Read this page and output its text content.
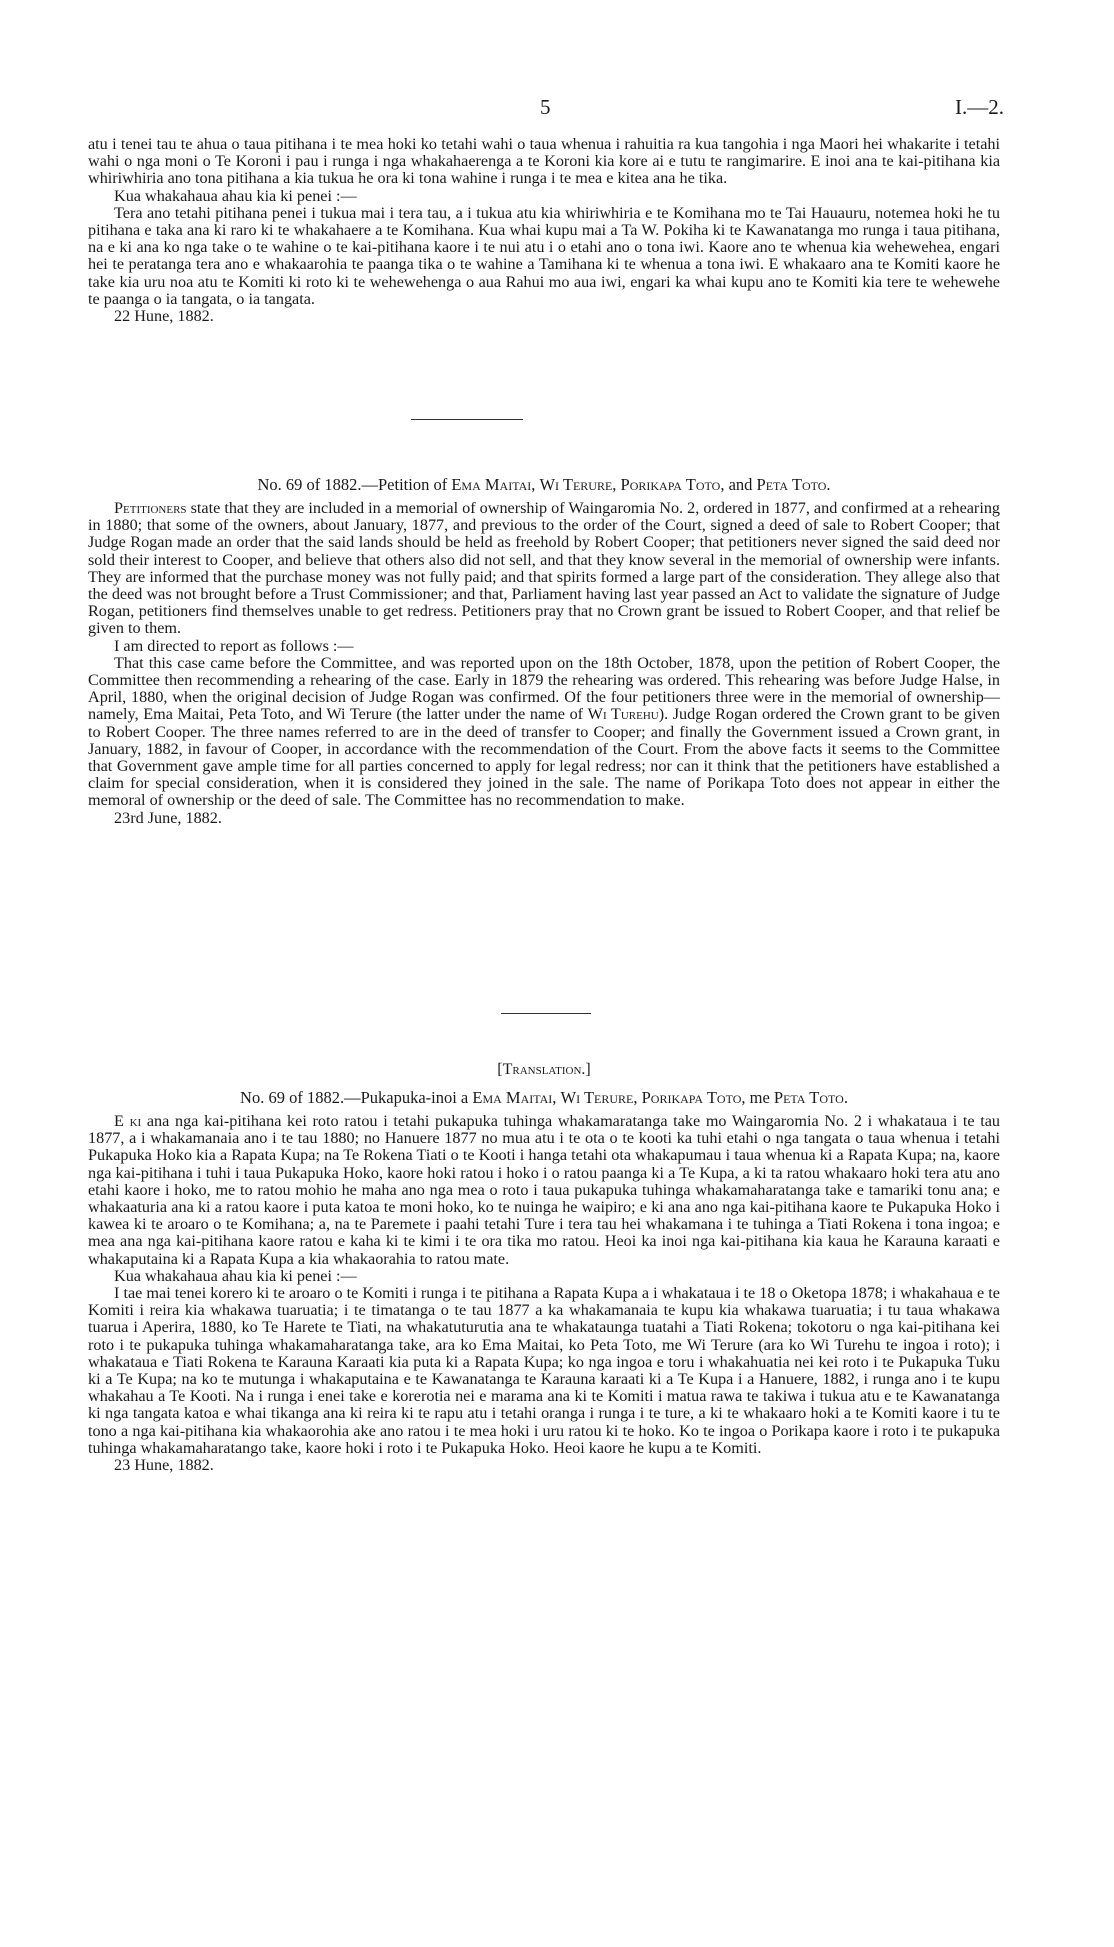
5	I.—2.

atu i tenei tau te ahua o taua pitihana i te mea hoki ko tetahi wahi o taua whenua i rahuitia ra kua tangohia i nga Maori hei whakarite i tetahi wahi o nga moni o Te Koroni i pau i runga i nga whakahaerenga a te Koroni kia kore ai e tutu te rangimarire. E inoi ana te kai-pitihana kia whiriwhiria ano tona pitihana a kia tukua he ora ki tona wahine i runga i te mea e kitea ana he tika.

Kua whakahaua ahau kia ki penei :—

Tera ano tetahi pitihana penei i tukua mai i tera tau, a i tukua atu kia whiriwhiria e te Komihana mo te Tai Hauauru, notemea hoki he tu pitihana e taka ana ki raro ki te whakahaere a te Komihana. Kua whai kupu mai a Ta W. Pokiha ki te Kawanatanga mo runga i taua pitihana, na e ki ana ko nga take o te wahine o te kai-pitihana kaore i te nui atu i o etahi ano o tona iwi. Kaore ano te whenua kia wehewehea, engari hei te peratanga tera ano e whakaarohia te paanga tika o te wahine a Tamihana ki te whenua a tona iwi. E whakaaro ana te Komiti kaore he take kia uru noa atu te Komiti ki roto ki te wehewehenga o aua Rahui mo aua iwi, engari ka whai kupu ano te Komiti kia tere te wehewehe te paanga o ia tangata, o ia tangata.

22 Hune, 1882.

No. 69 of 1882.—Petition of Ema Maitai, Wi Terure, Porikapa Toto, and Peta Toto.

Petitioners state that they are included in a memorial of ownership of Waingaromia No. 2, ordered in 1877, and confirmed at a rehearing in 1880; that some of the owners, about January, 1877, and previous to the order of the Court, signed a deed of sale to Robert Cooper; that Judge Rogan made an order that the said lands should be held as freehold by Robert Cooper; that petitioners never signed the said deed nor sold their interest to Cooper, and believe that others also did not sell, and that they know several in the memorial of ownership were infants. They are informed that the purchase money was not fully paid; and that spirits formed a large part of the consideration. They allege also that the deed was not brought before a Trust Commissioner; and that, Parliament having last year passed an Act to validate the signature of Judge Rogan, petitioners find themselves unable to get redress. Petitioners pray that no Crown grant be issued to Robert Cooper, and that relief be given to them.

I am directed to report as follows :—

That this case came before the Committee, and was reported upon on the 18th October, 1878, upon the petition of Robert Cooper, the Committee then recommending a rehearing of the case. Early in 1879 the rehearing was ordered. This rehearing was before Judge Halse, in April, 1880, when the original decision of Judge Rogan was confirmed. Of the four petitioners three were in the memorial of ownership—namely, Ema Maitai, Peta Toto, and Wi Terure (the latter under the name of Wi Turehu). Judge Rogan ordered the Crown grant to be given to Robert Cooper. The three names referred to are in the deed of transfer to Cooper; and finally the Government issued a Crown grant, in January, 1882, in favour of Cooper, in accordance with the recommendation of the Court. From the above facts it seems to the Committee that Government gave ample time for all parties concerned to apply for legal redress; nor can it think that the petitioners have established a claim for special consideration, when it is considered they joined in the sale. The name of Porikapa Toto does not appear in either the memoral of ownership or the deed of sale. The Committee has no recommendation to make.

23rd June, 1882.

[Translation.]
No. 69 of 1882.—Pukapuka-inoi a Ema Maitai, Wi Terure, Porikapa Toto, me Peta Toto.

E ki ana nga kai-pitihana kei roto ratou i tetahi pukapuka tuhinga whakamaratanga take mo Waingaromia No. 2 i whakataua i te tau 1877, a i whakamanaia ano i te tau 1880; no Hanuere 1877 no mua atu i te ota o te kooti ka tuhi etahi o nga tangata o taua whenua i tetahi Pukapuka Hoko kia a Rapata Kupa; na Te Rokena Tiati o te Kooti i hanga tetahi ota whakapumau i taua whenua ki a Rapata Kupa; na, kaore nga kai-pitihana i tuhi i taua Pukapuka Hoko, kaore hoki ratou i hoko i o ratou paanga ki a Te Kupa, a ki ta ratou whakaaro hoki tera atu ano etahi kaore i hoko, me to ratou mohio he maha ano nga mea o roto i taua pukapuka tuhinga whakamaharatanga take e tamariki tonu ana; e whakaaturia ana ki a ratou kaore i puta katoa te moni hoko, ko te nuinga he waipiro; e ki ana ano nga kai-pitihana kaore te Pukapuka Hoko i kawea ki te aroaro o te Komihana; a, na te Paremete i paahi tetahi Ture i tera tau hei whakamana i te tuhinga a Tiati Rokena i tona ingoa; e mea ana nga kai-pitihana kaore ratou e kaha ki te kimi i te ora tika mo ratou. Heoi ka inoi nga kai-pitihana kia kaua he Karauna karaati e whakaputaina ki a Rapata Kupa a kia whakaorahia to ratou mate.

Kua whakahaua ahau kia ki penei :—

I tae mai tenei korero ki te aroaro o te Komiti i runga i te pitihana a Rapata Kupa a i whakataua i te 18 o Oketopa 1878; i whakahaua e te Komiti i reira kia whakawa tuaruatia; i te timatanga o te tau 1877 a ka whakamanaia te kupu kia whakawa tuaruatia; i tu taua whakawa tuarua i Aperira, 1880, ko Te Harete te Tiati, na whakatuturutia ana te whakataunga tuatahi a Tiati Rokena; tokotoru o nga kai-pitihana kei roto i te pukapuka tuhinga whakamaharatanga take, ara ko Ema Maitai, ko Peta Toto, me Wi Terure (ara ko Wi Turehu te ingoa i roto); i whakataua e Tiati Rokena te Karauna Karaati kia puta ki a Rapata Kupa; ko nga ingoa e toru i whakahuatia nei kei roto i te Pukapuka Tuku ki a Te Kupa; na ko te mutunga i whakaputaina e te Kawanatanga te Karauna karaati ki a Te Kupa i a Hanuere, 1882, i runga ano i te kupu whakahau a Te Kooti. Na i runga i enei take e korerotia nei e marama ana ki te Komiti i matua rawa te takiwa i tukua atu e te Kawanatanga ki nga tangata katoa e whai tikanga ana ki reira ki te rapu atu i tetahi oranga i runga i te ture, a ki te whakaaro hoki a te Komiti kaore i tu te tono a nga kai-pitihana kia whakaorohia ake ano ratou i te mea hoki i uru ratou ki te hoko. Ko te ingoa o Porikapa kaore i roto i te pukapuka tuhinga whakamaharatango take, kaore hoki i roto i te Pukapuka Hoko. Heoi kaore he kupu a te Komiti.

23 Hune, 1882.
